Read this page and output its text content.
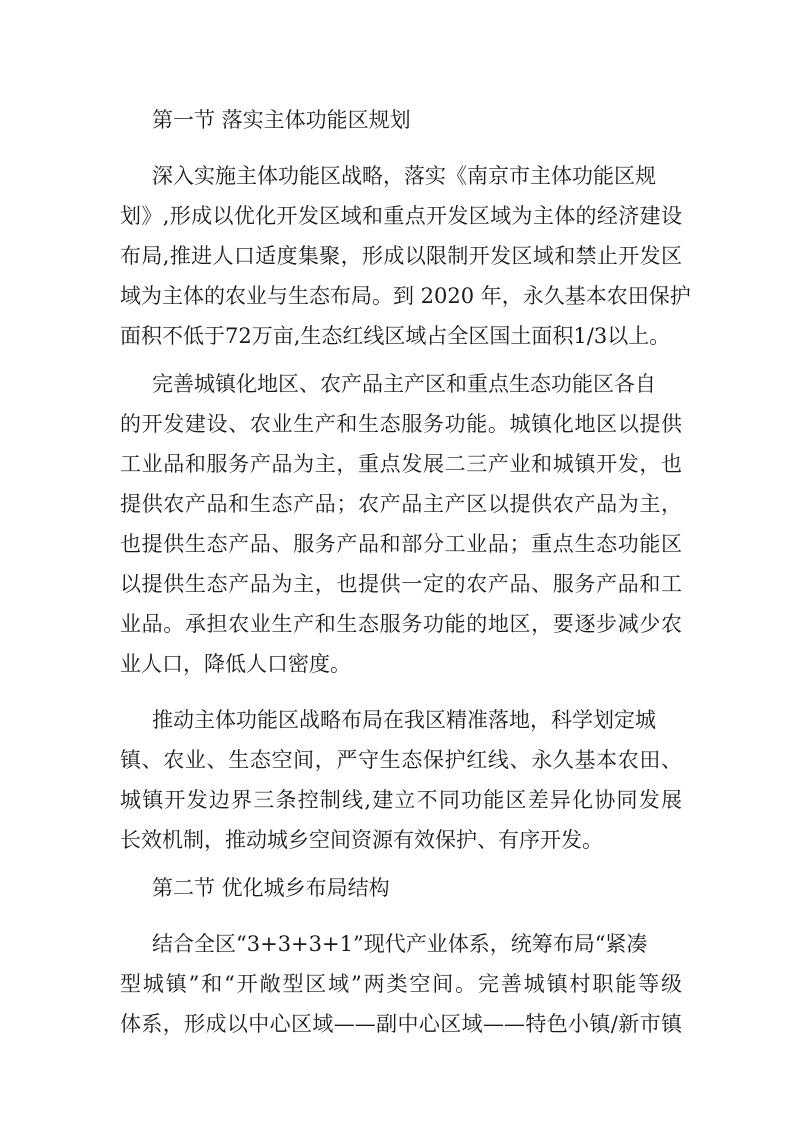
第一节 落实主体功能区规划
深入实施主体功能区战略，落实《南京市主体功能区规
划》,形成以优化开发区域和重点开发区域为主体的经济建设
布局,推进人口适度集聚，形成以限制开发区域和禁止开发区
域为主体的农业与生态布局。到 2020 年，永久基本农田保护
面积不低于72万亩,生态红线区域占全区国土面积1/3以上。
完善城镇化地区、农产品主产区和重点生态功能区各自
的开发建设、农业生产和生态服务功能。城镇化地区以提供
工业品和服务产品为主，重点发展二三产业和城镇开发，也
提供农产品和生态产品；农产品主产区以提供农产品为主，
也提供生态产品、服务产品和部分工业品；重点生态功能区
以提供生态产品为主，也提供一定的农产品、服务产品和工
业品。承担农业生产和生态服务功能的地区，要逐步减少农
业人口，降低人口密度。
推动主体功能区战略布局在我区精准落地，科学划定城
镇、农业、生态空间，严守生态保护红线、永久基本农田、
城镇开发边界三条控制线,建立不同功能区差异化协同发展
长效机制，推动城乡空间资源有效保护、有序开发。
第二节 优化城乡布局结构
结合全区“3+3+3+1”现代产业体系，统筹布局“紧凑
型城镇”和“开敞型区域”两类空间。完善城镇村职能等级
体系，形成以中心区域——副中心区域——特色小镇/新市镇
